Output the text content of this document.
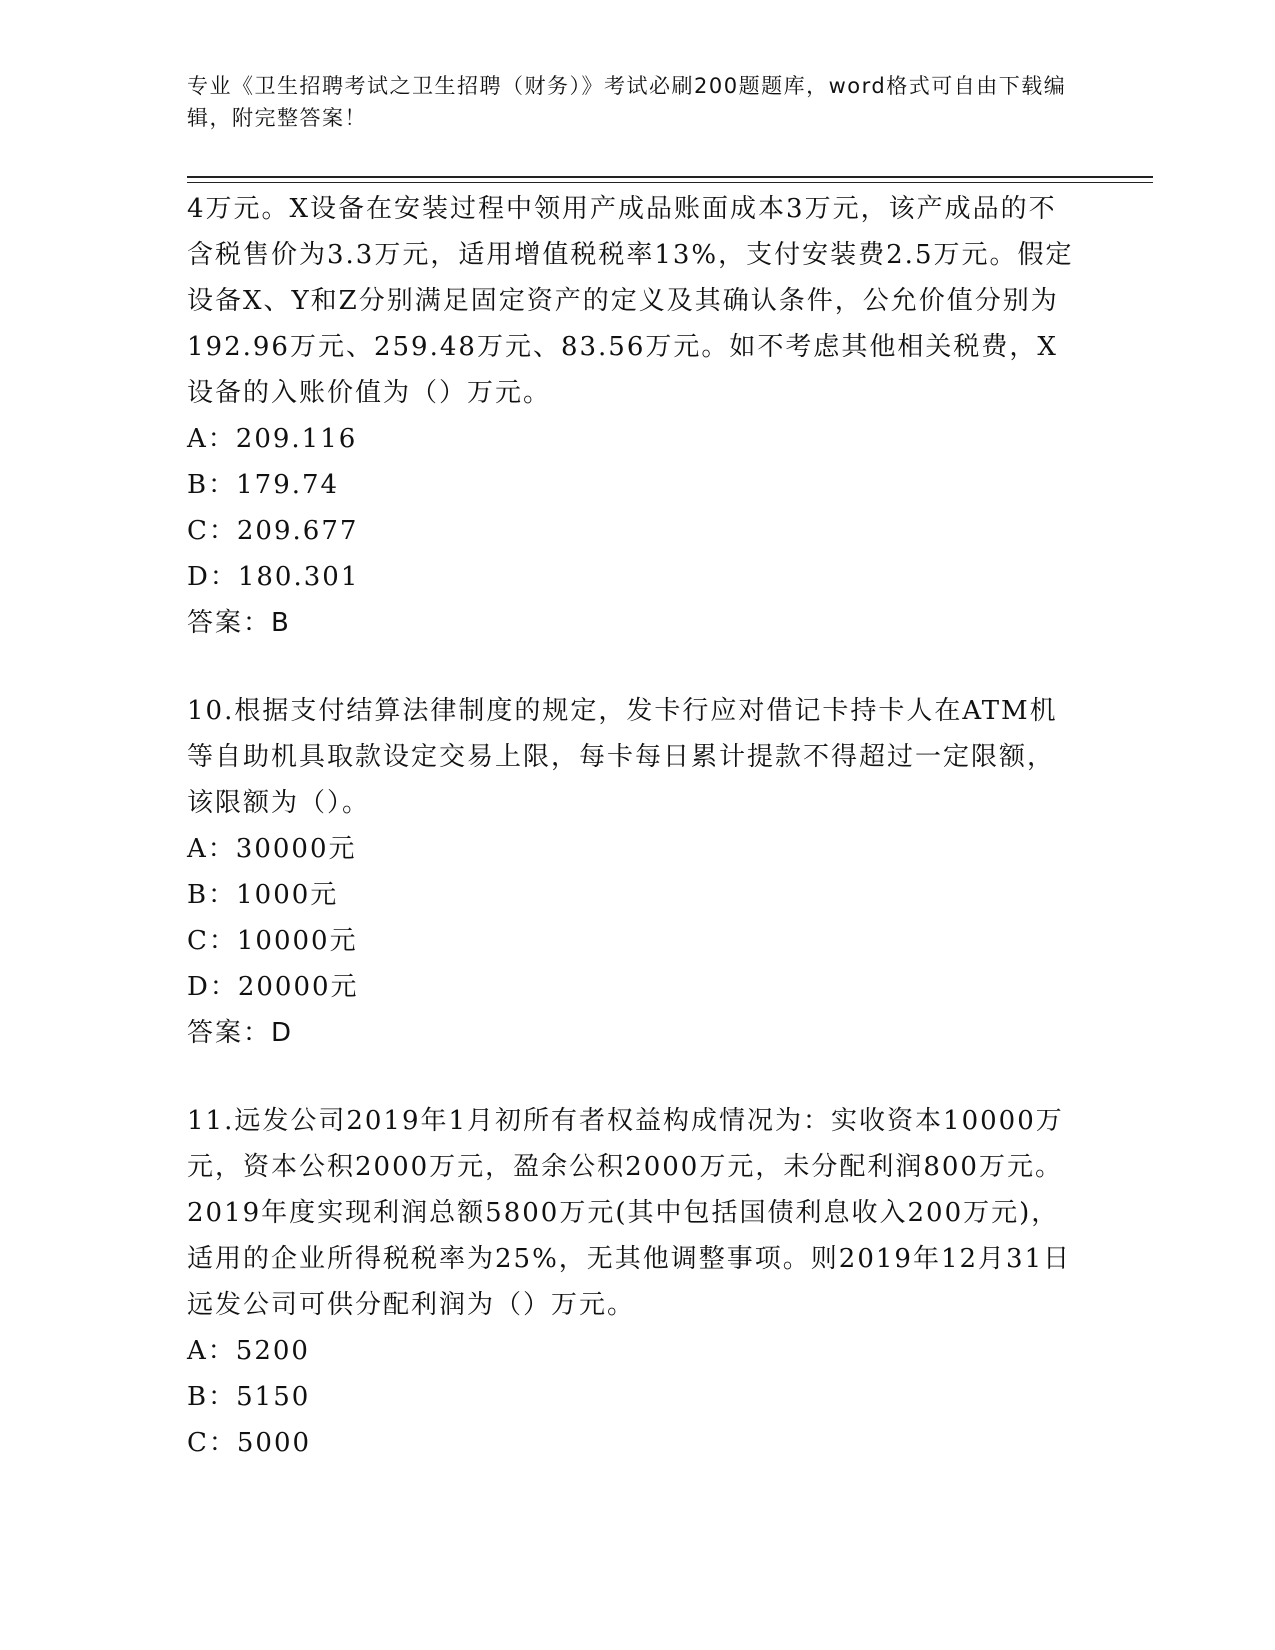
专业《卫生招聘考试之卫生招聘（财务）》考试必刷200题题库，word格式可自由下载编辑，附完整答案！

4万元。X设备在安装过程中领用产成品账面成本3万元，该产成品的不含税售价为3.3万元，适用增值税税率13%，支付安装费2.5万元。假定设备X、Y和Z分别满足固定资产的定义及其确认条件，公允价值分别为192.96万元、259.48万元、83.56万元。如不考虑其他相关税费，X设备的入账价值为（）万元。

A：209.116

B：179.74

C：209.677

D：180.301

答案：B

10.根据支付结算法律制度的规定，发卡行应对借记卡持卡人在ATM机等自助机具取款设定交易上限，每卡每日累计提款不得超过一定限额，该限额为（）。

A：30000元

B：1000元

C：10000元

D：20000元

答案：D

11.远发公司2019年1月初所有者权益构成情况为：实收资本10000万元，资本公积2000万元，盈余公积2000万元，未分配利润800万元。2019年度实现利润总额5800万元(其中包括国债利息收入200万元)，适用的企业所得税税率为25%，无其他调整事项。则2019年12月31日远发公司可供分配利润为（）万元。

A：5200

B：5150

C：5000
